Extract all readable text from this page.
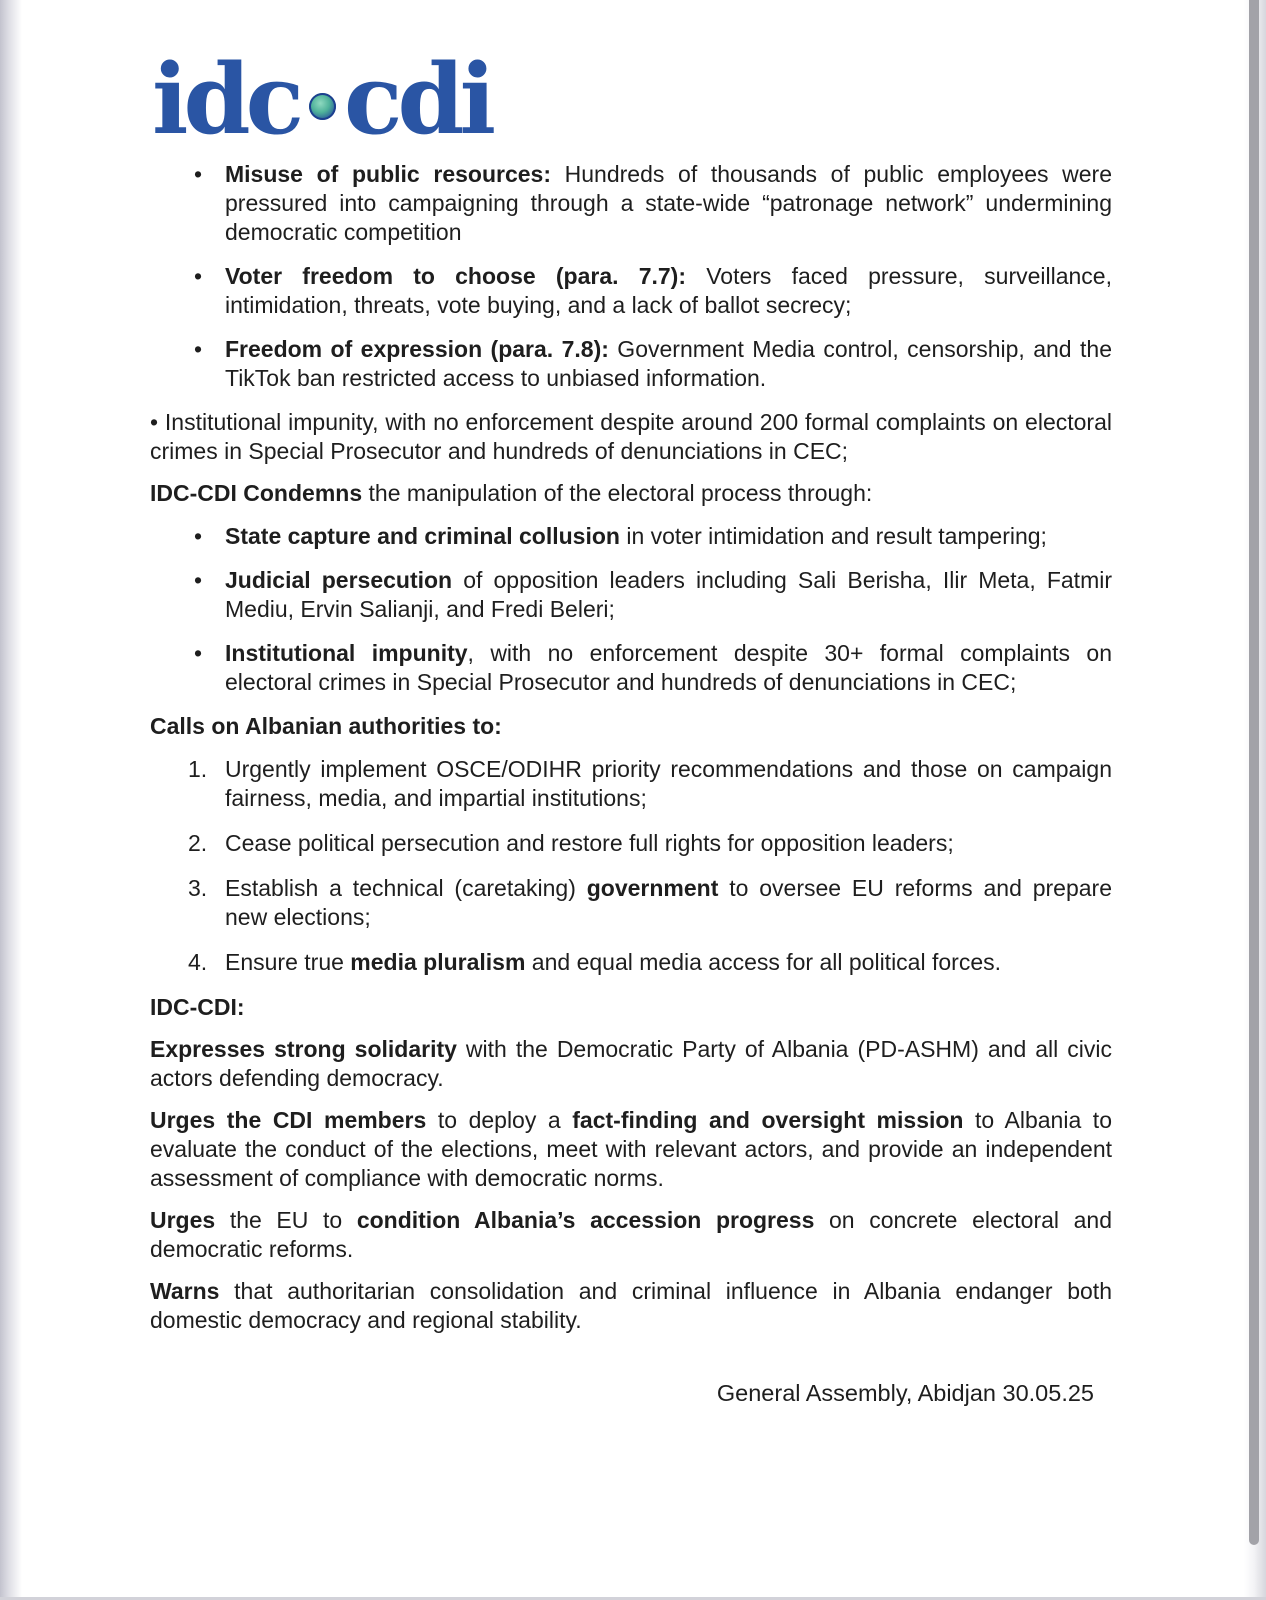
idc cdi
• Misuse of public resources: Hundreds of thousands of public employees were pressured into campaigning through a state-wide “patronage network” undermining democratic competition
• Voter freedom to choose (para. 7.7): Voters faced pressure, surveillance, intimidation, threats, vote buying, and a lack of ballot secrecy;
• Freedom of expression (para. 7.8): Government Media control, censorship, and the TikTok ban restricted access to unbiased information.

• Institutional impunity, with no enforcement despite around 200 formal complaints on electoral crimes in Special Prosecutor and hundreds of denunciations in CEC;

IDC-CDI Condemns the manipulation of the electoral process through:

• State capture and criminal collusion in voter intimidation and result tampering;
• Judicial persecution of opposition leaders including Sali Berisha, Ilir Meta, Fatmir Mediu, Ervin Salianji, and Fredi Beleri;
• Institutional impunity, with no enforcement despite 30+ formal complaints on electoral crimes in Special Prosecutor and hundreds of denunciations in CEC;

Calls on Albanian authorities to:

1. Urgently implement OSCE/ODIHR priority recommendations and those on campaign fairness, media, and impartial institutions;
2. Cease political persecution and restore full rights for opposition leaders;
3. Establish a technical (caretaking) government to oversee EU reforms and prepare new elections;
4. Ensure true media pluralism and equal media access for all political forces.

IDC-CDI:

Expresses strong solidarity with the Democratic Party of Albania (PD-ASHM) and all civic actors defending democracy.

Urges the CDI members to deploy a fact-finding and oversight mission to Albania to evaluate the conduct of the elections, meet with relevant actors, and provide an independent assessment of compliance with democratic norms.

Urges the EU to condition Albania’s accession progress on concrete electoral and democratic reforms.

Warns that authoritarian consolidation and criminal influence in Albania endanger both domestic democracy and regional stability.

General Assembly, Abidjan 30.05.25
